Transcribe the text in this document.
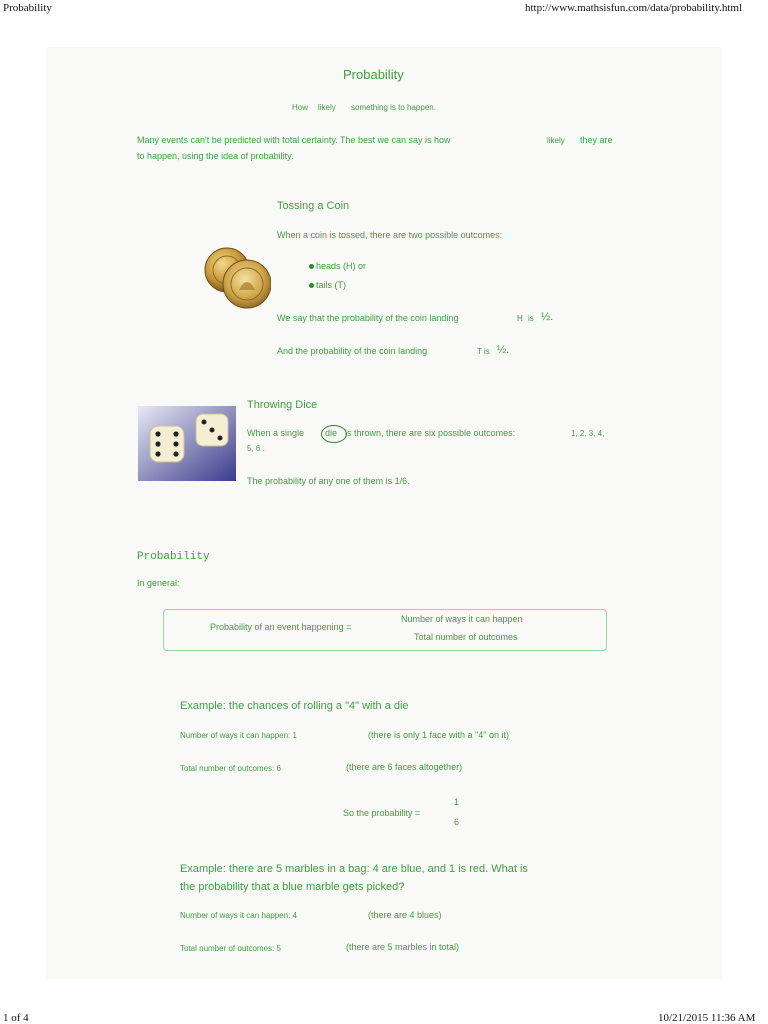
Probability	http://www.mathsisfun.com/data/probability.html
Probability
How likely something is to happen.
Many events can't be predicted with total certainty. The best we can say is how	likely they are
to happen, using the idea of probability.
Tossing a Coin
When a coin is tossed, there are two possible outcomes:
heads (H) or
tails (T)
We say that the probability of the coin landing	H is ½.
And the probability of the coin landing	T is ½.
Throwing Dice
When a single die is thrown, there are six possible outcomes:	1, 2, 3, 4,
5, 6 .
The probability of any one of them is 1/6.
Probability
In general:
Probability of an event happening =
Number of ways it can happen
Total number of outcomes
Example: the chances of rolling a "4" with a die
Number of ways it can happen: 1	(there is only 1 face with a "4" on it)
Total number of outcomes: 6	(there are 6 faces altogether)
So the probability =
1
6
Example: there are 5 marbles in a bag: 4 are blue, and 1 is red. What is
the probability that a blue marble gets picked?
Number of ways it can happen: 4	(there are 4 blues)
Total number of outcomes: 5	(there are 5 marbles in total)
1 of 4	10/21/2015 11:36 AM
